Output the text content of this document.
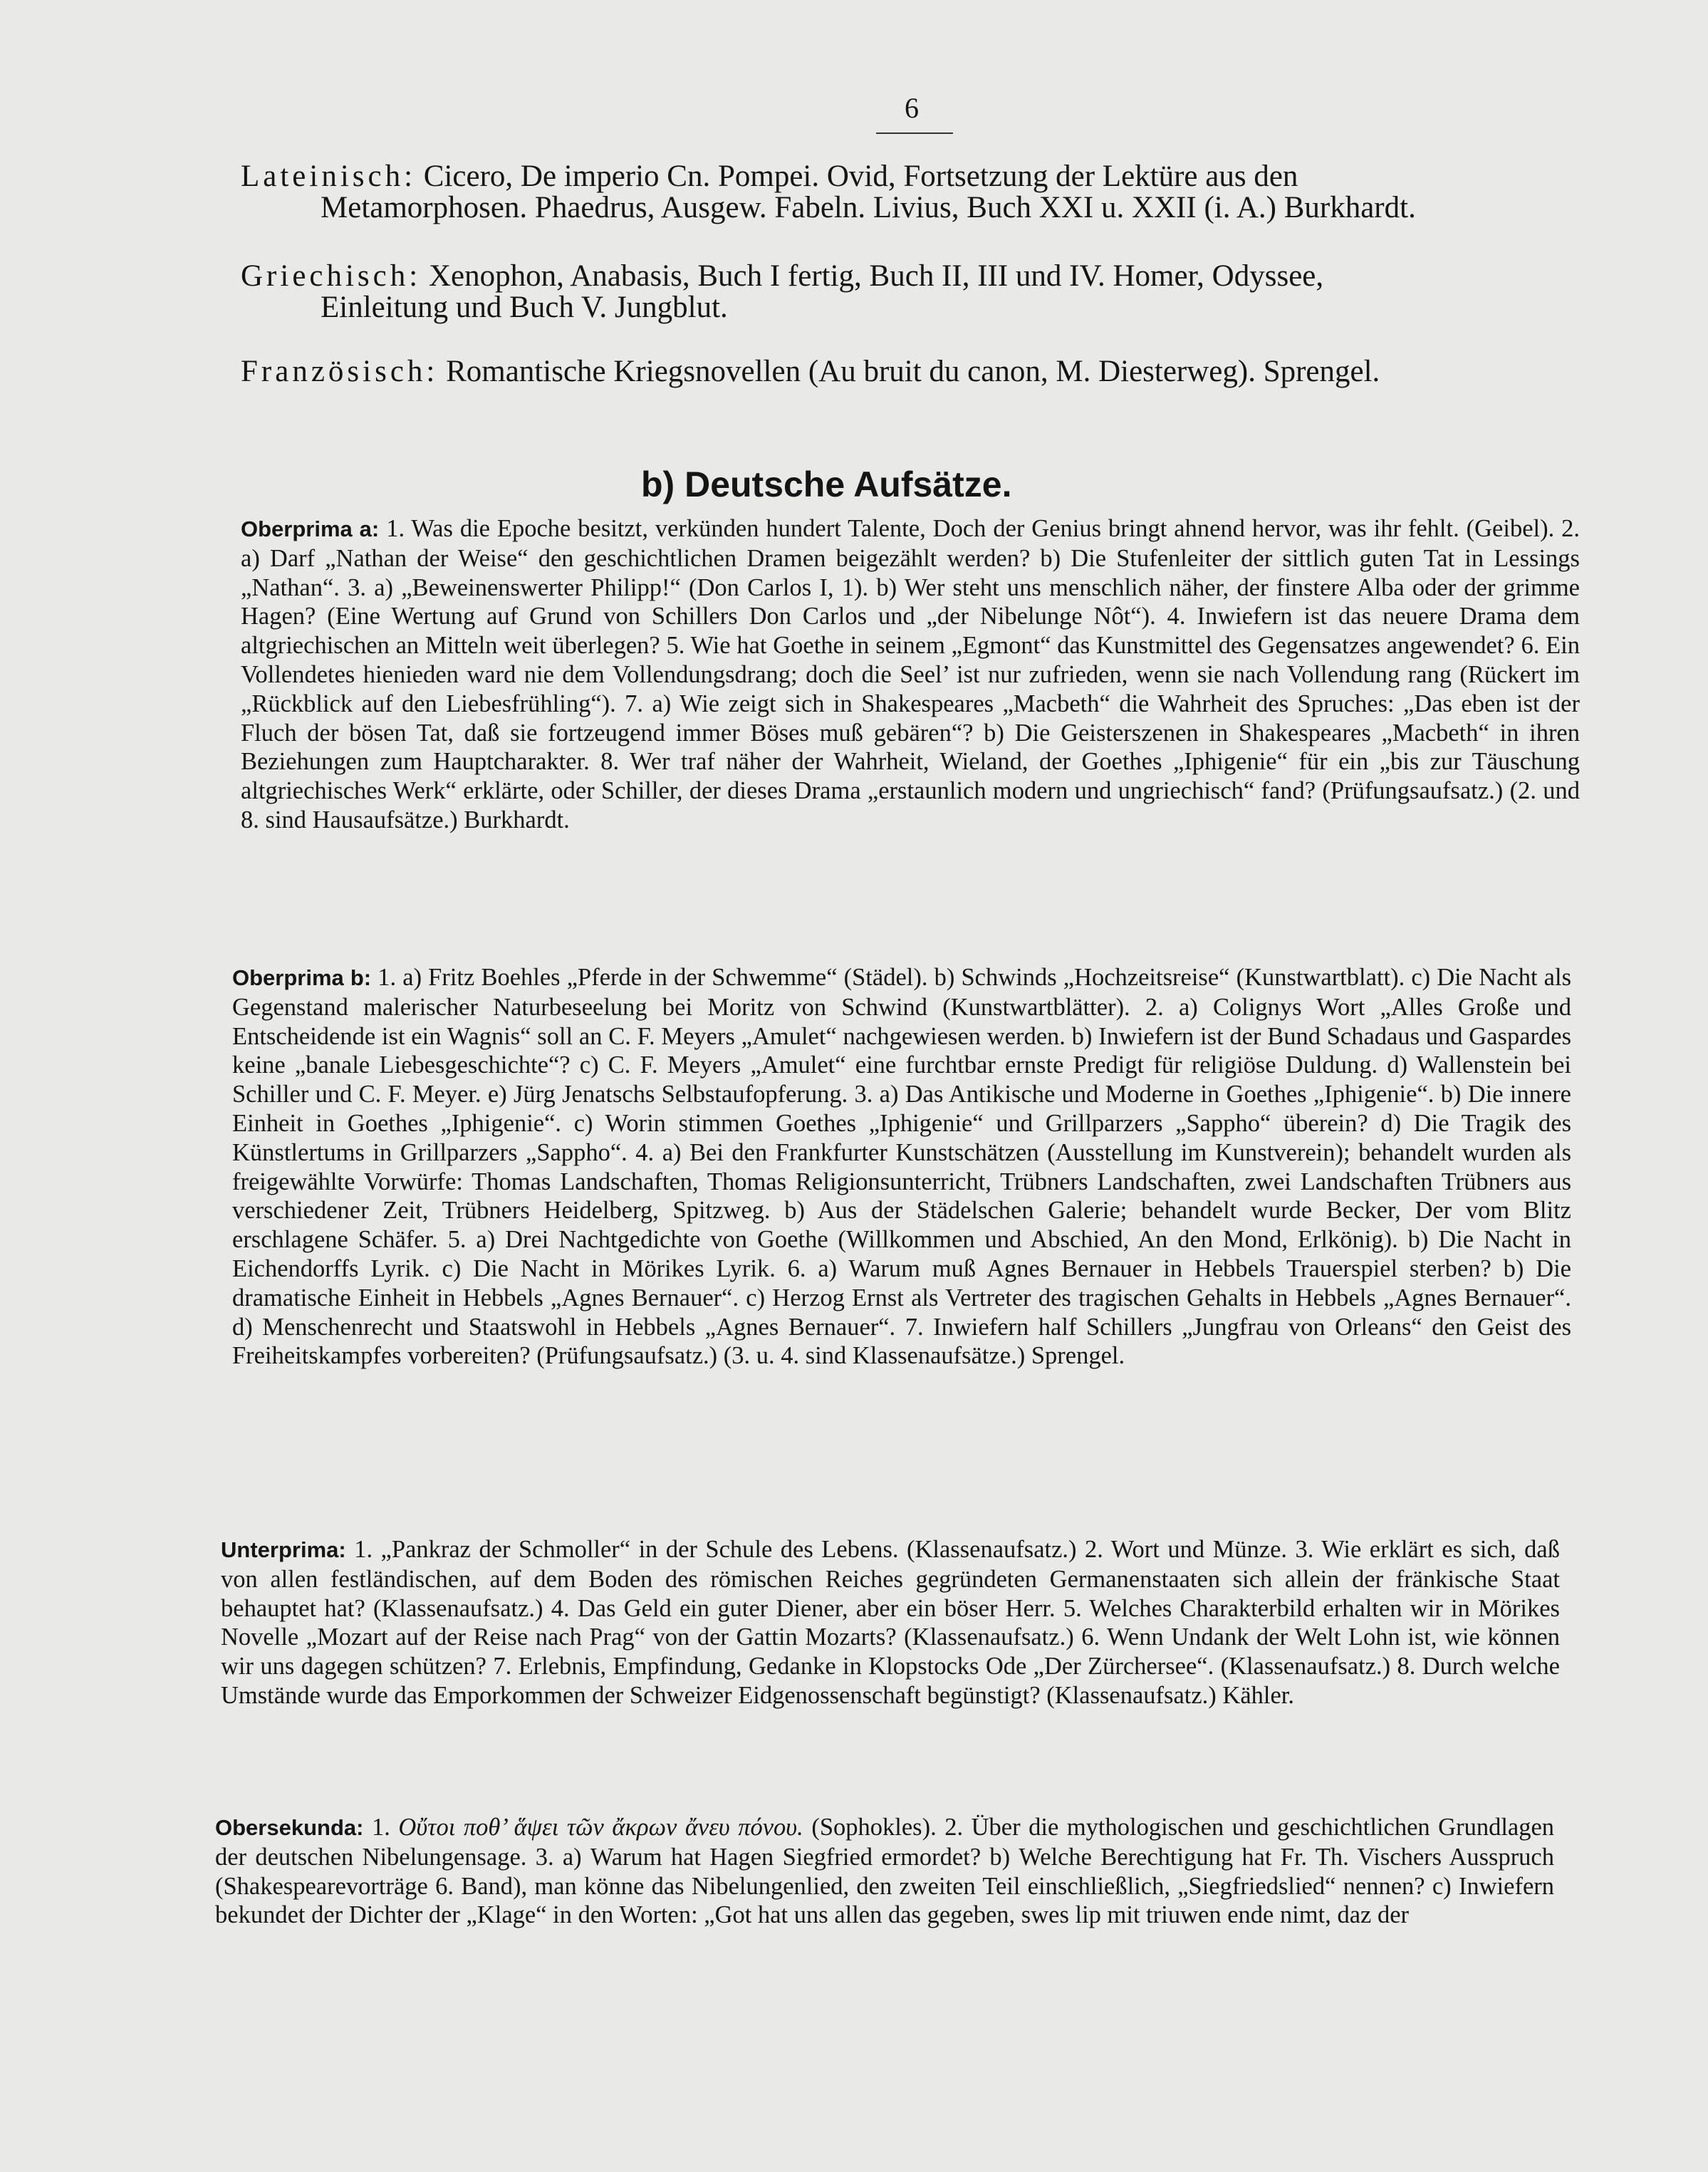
6
Lateinisch: Cicero, De imperio Cn. Pompei. Ovid, Fortsetzung der Lektüre aus den
Metamorphosen. Phaedrus, Ausgew. Fabeln. Livius, Buch XXI u. XXII (i. A.) Burkhardt.
Griechisch: Xenophon, Anabasis, Buch I fertig, Buch II, III und IV. Homer, Odyssee,
Einleitung und Buch V. Jungblut.
Französisch: Romantische Kriegsnovellen (Au bruit du canon, M. Diesterweg). Sprengel.
b) Deutsche Aufsätze.
Oberprima a: 1. Was die Epoche besitzt, verkünden hundert Talente, Doch der Genius bringt ahnend hervor, was ihr fehlt. (Geibel). 2. a) Darf „Nathan der Weise“ den geschichtlichen Dramen beigezählt werden? b) Die Stufenleiter der sittlich guten Tat in Lessings „Nathan“. 3. a) „Beweinenswerter Philipp!“ (Don Carlos I, 1). b) Wer steht uns menschlich näher, der finstere Alba oder der grimme Hagen? (Eine Wertung auf Grund von Schillers Don Carlos und „der Nibelunge Nôt“). 4. Inwiefern ist das neuere Drama dem altgriechischen an Mitteln weit überlegen? 5. Wie hat Goethe in seinem „Egmont“ das Kunstmittel des Gegensatzes angewendet? 6. Ein Vollendetes hienieden ward nie dem Vollendungsdrang; doch die Seel’ ist nur zufrieden, wenn sie nach Vollendung rang (Rückert im „Rückblick auf den Liebesfrühling“). 7. a) Wie zeigt sich in Shakespeares „Macbeth“ die Wahrheit des Spruches: „Das eben ist der Fluch der bösen Tat, daß sie fortzeugend immer Böses muß gebären“? b) Die Geisterszenen in Shakespeares „Macbeth“ in ihren Beziehungen zum Hauptcharakter. 8. Wer traf näher der Wahrheit, Wieland, der Goethes „Iphigenie“ für ein „bis zur Täuschung altgriechisches Werk“ erklärte, oder Schiller, der dieses Drama „erstaunlich modern und ungriechisch“ fand? (Prüfungsaufsatz.) (2. und 8. sind Hausaufsätze.) Burkhardt.
Oberprima b: 1. a) Fritz Boehles „Pferde in der Schwemme“ (Städel). b) Schwinds „Hochzeitsreise“ (Kunstwartblatt). c) Die Nacht als Gegenstand malerischer Naturbeseelung bei Moritz von Schwind (Kunstwartblätter). 2. a) Colignys Wort „Alles Große und Entscheidende ist ein Wagnis“ soll an C. F. Meyers „Amulet“ nachgewiesen werden. b) Inwiefern ist der Bund Schadaus und Gaspardes keine „banale Liebesgeschichte“? c) C. F. Meyers „Amulet“ eine furchtbar ernste Predigt für religiöse Duldung. d) Wallenstein bei Schiller und C. F. Meyer. e) Jürg Jenatschs Selbstaufopferung. 3. a) Das Antikische und Moderne in Goethes „Iphigenie“. b) Die innere Einheit in Goethes „Iphigenie“. c) Worin stimmen Goethes „Iphigenie“ und Grillparzers „Sappho“ überein? d) Die Tragik des Künstlertums in Grillparzers „Sappho“. 4. a) Bei den Frankfurter Kunstschätzen (Ausstellung im Kunstverein); behandelt wurden als freigewählte Vorwürfe: Thomas Landschaften, Thomas Religionsunterricht, Trübners Landschaften, zwei Landschaften Trübners aus verschiedener Zeit, Trübners Heidelberg, Spitzweg. b) Aus der Städelschen Galerie; behandelt wurde Becker, Der vom Blitz erschlagene Schäfer. 5. a) Drei Nachtgedichte von Goethe (Willkommen und Abschied, An den Mond, Erlkönig). b) Die Nacht in Eichendorffs Lyrik. c) Die Nacht in Mörikes Lyrik. 6. a) Warum muß Agnes Bernauer in Hebbels Trauerspiel sterben? b) Die dramatische Einheit in Hebbels „Agnes Bernauer“. c) Herzog Ernst als Vertreter des tragischen Gehalts in Hebbels „Agnes Bernauer“. d) Menschenrecht und Staatswohl in Hebbels „Agnes Bernauer“. 7. Inwiefern half Schillers „Jungfrau von Orleans“ den Geist des Freiheitskampfes vorbereiten? (Prüfungsaufsatz.) (3. u. 4. sind Klassenaufsätze.) Sprengel.
Unterprima: 1. „Pankraz der Schmoller“ in der Schule des Lebens. (Klassenaufsatz.) 2. Wort und Münze. 3. Wie erklärt es sich, daß von allen festländischen, auf dem Boden des römischen Reiches gegründeten Germanenstaaten sich allein der fränkische Staat behauptet hat? (Klassenaufsatz.) 4. Das Geld ein guter Diener, aber ein böser Herr. 5. Welches Charakterbild erhalten wir in Mörikes Novelle „Mozart auf der Reise nach Prag“ von der Gattin Mozarts? (Klassenaufsatz.) 6. Wenn Undank der Welt Lohn ist, wie können wir uns dagegen schützen? 7. Erlebnis, Empfindung, Gedanke in Klopstocks Ode „Der Zürchersee“. (Klassenaufsatz.) 8. Durch welche Umstände wurde das Emporkommen der Schweizer Eidgenossenschaft begünstigt? (Klassenaufsatz.) Kähler.
Obersekunda: 1. Οὔτοι ποθ’ ἅψει τῶν ἄκρων ἄνευ πόνου. (Sophokles). 2. Über die mythologischen und geschichtlichen Grundlagen der deutschen Nibelungensage. 3. a) Warum hat Hagen Siegfried ermordet? b) Welche Berechtigung hat Fr. Th. Vischers Ausspruch (Shakespearevorträge 6. Band), man könne das Nibelungenlied, den zweiten Teil einschließlich, „Siegfriedslied“ nennen? c) Inwiefern bekundet der Dichter der „Klage“ in den Worten: „Got hat uns allen das gegeben, swes lip mit triuwen ende nimt, daz der
